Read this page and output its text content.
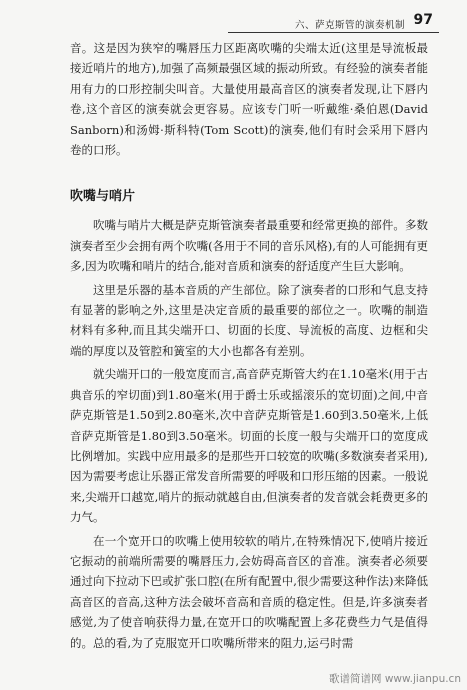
六、萨克斯管的演奏机制 97

音。这是因为狭窄的嘴唇压力区距离吹嘴的尖端太近(这里是导流板最接近哨片的地方),加强了高频最强区域的振动所致。有经验的演奏者能用有力的口形控制尖叫音。大量使用最高音区的演奏者发现,让下唇内卷,这个音区的演奏就会更容易。应该专门听一听戴维·桑伯恩(David Sanborn)和汤姆·斯科特(Tom Scott)的演奏,他们有时会采用下唇内卷的口形。

吹嘴与哨片

吹嘴与哨片大概是萨克斯管演奏者最重要和经常更换的部件。多数演奏者至少会拥有两个吹嘴(各用于不同的音乐风格),有的人可能拥有更多,因为吹嘴和哨片的结合,能对音质和演奏的舒适度产生巨大影响。

这里是乐器的基本音质的产生部位。除了演奏者的口形和气息支持有显著的影响之外,这里是决定音质的最重要的部位之一。吹嘴的制造材料有多种,而且其尖端开口、切面的长度、导流板的高度、边框和尖端的厚度以及管腔和簧室的大小也都各有差别。

就尖端开口的一般宽度而言,高音萨克斯管大约在1.10毫米(用于古典音乐的窄切面)到1.80毫米(用于爵士乐或摇滚乐的宽切面)之间,中音萨克斯管是1.50到2.80毫米,次中音萨克斯管是1.60到3.50毫米,上低音萨克斯管是1.80到3.50毫米。切面的长度一般与尖端开口的宽度成比例增加。实践中应用最多的是那些开口较宽的吹嘴(多数演奏者采用),因为需要考虑让乐器正常发音所需要的呼吸和口形压缩的因素。一般说来,尖端开口越宽,哨片的振动就越自由,但演奏者的发音就会耗费更多的力气。

在一个宽开口的吹嘴上使用较软的哨片,在特殊情况下,使哨片接近它振动的前端所需要的嘴唇压力,会妨碍高音区的音准。演奏者必须要通过向下拉动下巴或扩张口腔(在所有配置中,很少需要这种作法)来降低高音区的音高,这种方法会破坏音高和音质的稳定性。但是,许多演奏者感觉,为了使音响获得力量,在宽开口的吹嘴配置上多花费些力气是值得的。总的看,为了克服宽开口吹嘴所带来的阻力,运弓时需

歌谱简谱网 www.jianpu.cn
